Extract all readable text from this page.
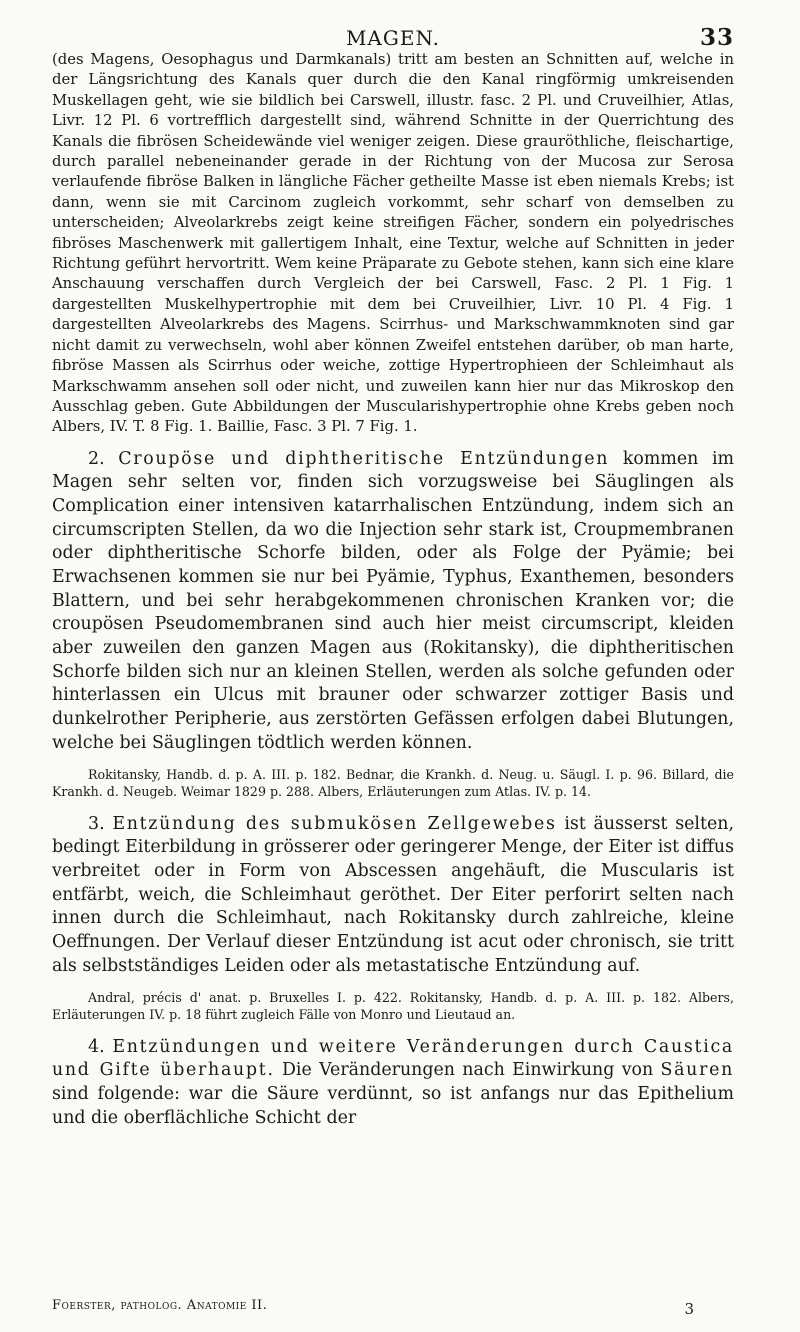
MAGEN.	33

(des Magens, Oesophagus und Darmkanals) tritt am besten an Schnitten auf, welche in der Längsrichtung des Kanals quer durch die den Kanal ringförmig umkreisenden Muskellagen geht, wie sie bildlich bei Carswell, illustr. fasc. 2 Pl. und Cruveilhier, Atlas, Livr. 12 Pl. 6 vortrefflich dargestellt sind, während Schnitte in der Querrichtung des Kanals die fibrösen Scheidewände viel weniger zeigen. Diese grauröthliche, fleischartige, durch parallel nebeneinander gerade in der Richtung von der Mucosa zur Serosa verlaufende fibröse Balken in längliche Fächer getheilte Masse ist eben niemals Krebs; ist dann, wenn sie mit Carcinom zugleich vorkommt, sehr scharf von demselben zu unterscheiden; Alveolarkrebs zeigt keine streifigen Fächer, sondern ein polyedrisches fibröses Maschenwerk mit gallertigem Inhalt, eine Textur, welche auf Schnitten in jeder Richtung geführt hervortritt. Wem keine Präparate zu Gebote stehen, kann sich eine klare Anschauung verschaffen durch Vergleich der bei Carswell, Fasc. 2 Pl. 1 Fig. 1 dargestellten Muskelhypertrophie mit dem bei Cruveilhier, Livr. 10 Pl. 4 Fig. 1 dargestellten Alveolarkrebs des Magens. Scirrhus- und Markschwammknoten sind gar nicht damit zu verwechseln, wohl aber können Zweifel entstehen darüber, ob man harte, fibröse Massen als Scirrhus oder weiche, zottige Hypertrophieen der Schleimhaut als Markschwamm ansehen soll oder nicht, und zuweilen kann hier nur das Mikroskop den Ausschlag geben. Gute Abbildungen der Muscularishypertrophie ohne Krebs geben noch Albers, IV. T. 8 Fig. 1. Baillie, Fasc. 3 Pl. 7 Fig. 1.

2. Croupöse und diphtheritische Entzündungen kommen im Magen sehr selten vor, finden sich vorzugsweise bei Säuglingen als Complication einer intensiven katarrhalischen Entzündung, indem sich an circumscripten Stellen, da wo die Injection sehr stark ist, Croupmembranen oder diphtheritische Schorfe bilden, oder als Folge der Pyämie; bei Erwachsenen kommen sie nur bei Pyämie, Typhus, Exanthemen, besonders Blattern, und bei sehr herabgekommenen chronischen Kranken vor; die croupösen Pseudomembranen sind auch hier meist circumscript, kleiden aber zuweilen den ganzen Magen aus (Rokitansky), die diphtheritischen Schorfe bilden sich nur an kleinen Stellen, werden als solche gefunden oder hinterlassen ein Ulcus mit brauner oder schwarzer zottiger Basis und dunkelrother Peripherie, aus zerstörten Gefässen erfolgen dabei Blutungen, welche bei Säuglingen tödtlich werden können.

Rokitansky, Handb. d. p. A. III. p. 182. Bednar, die Krankh. d. Neug. u. Säugl. I. p. 96. Billard, die Krankh. d. Neugeb. Weimar 1829 p. 288. Albers, Erläuterungen zum Atlas. IV. p. 14.

3. Entzündung des submukösen Zellgewebes ist äusserst selten, bedingt Eiterbildung in grösserer oder geringerer Menge, der Eiter ist diffus verbreitet oder in Form von Abscessen angehäuft, die Muscularis ist entfärbt, weich, die Schleimhaut geröthet. Der Eiter perforirt selten nach innen durch die Schleimhaut, nach Rokitansky durch zahlreiche, kleine Oeffnungen. Der Verlauf dieser Entzündung ist acut oder chronisch, sie tritt als selbstständiges Leiden oder als metastatische Entzündung auf.

Andral, précis d' anat. p. Bruxelles I. p. 422. Rokitansky, Handb. d. p. A. III. p. 182. Albers, Erläuterungen IV. p. 18 führt zugleich Fälle von Monro und Lieutaud an.

4. Entzündungen und weitere Veränderungen durch Caustica und Gifte überhaupt. Die Veränderungen nach Einwirkung von Säuren sind folgende: war die Säure verdünnt, so ist anfangs nur das Epithelium und die oberflächliche Schicht der

Foerster, patholog. Anatomie II.	3
